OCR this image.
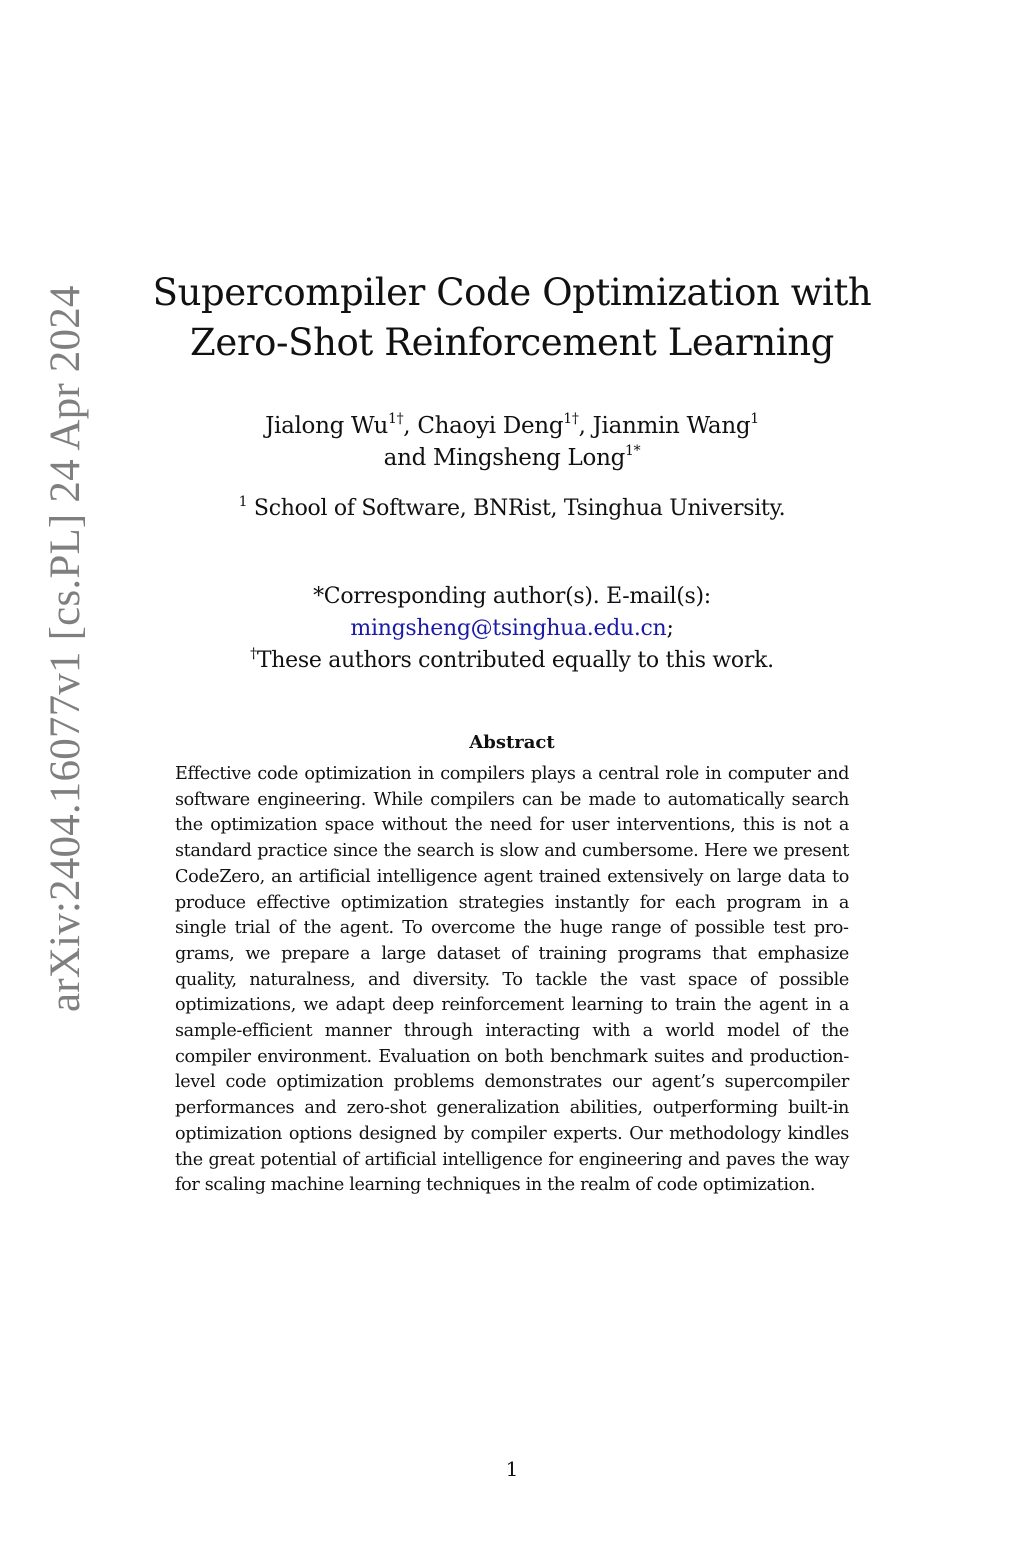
arXiv:2404.16077v1 [cs.PL] 24 Apr 2024	Supercompiler Code Optimization with
Zero-Shot Reinforcement Learning
Jialong $Wu^{1\dagger}$, Chaoyi Deng$^{1\dagger}$, Jianmin Wang$^1$
and Mingsheng Long$^{1*}$
$^1$ School of Software, BNRist, Tsinghua University.
*Corresponding author(s). E-mail(s):
mingsheng@tsinghua.edu.cn;
†These authors contributed equally to this work.
Abstract

Effective code optimization in compilers plays a central role in computer and software engineering. While compilers can be made to automatically search the optimization space without the need for user interventions, this is not a standard practice since the search is slow and cumbersome. Here we present CodeZero, an artificial intelligence agent trained extensively on large data to produce effective optimization strategies instantly for each program in a single trial of the agent. To overcome the huge range of possible test programs, we prepare a large dataset of training programs that emphasize quality, naturalness, and diversity. To tackle the vast space of possible optimizations, we adapt deep reinforcement learning to train the agent in a sample-efficient manner through interacting with a world model of the compiler environment. Evaluation on both benchmark suites and production-level code optimization problems demonstrates our agent’s supercompiler performances and zero-shot generalization abilities, outperforming built-in optimization options designed by compiler experts. Our methodology kindles the great potential of artificial intelligence for engineering and paves the way for scaling machine learning techniques in the realm of code optimization.

1
